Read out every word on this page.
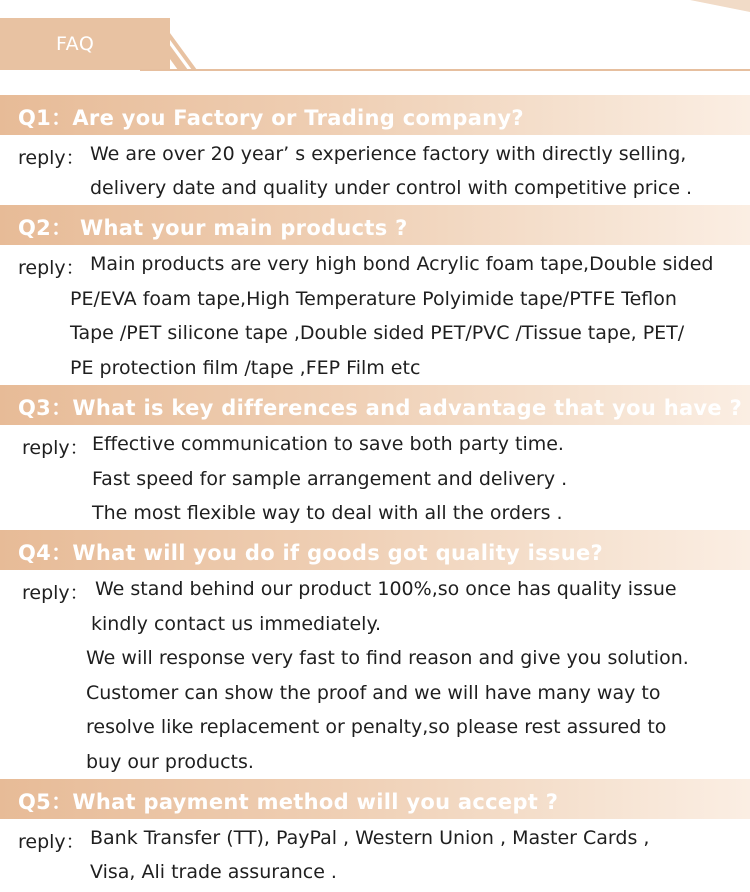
FAQ
Q1：Are you Factory or Trading company?
reply： We are over 20 year’ s experience factory with directly selling,
delivery date and quality under control with competitive price .
Q2： What your main products ?
reply： Main products are very high bond Acrylic foam tape,Double sided
PE/EVA foam tape,High Temperature Polyimide tape/PTFE Teflon
Tape /PET silicone tape ,Double sided PET/PVC /Tissue tape, PET/
PE protection film /tape ,FEP Film etc
Q3：What is key differences and advantage that you have ?
reply： Effective communication to save both party time.
Fast speed for sample arrangement and delivery .
The most flexible way to deal with all the orders .
Q4：What will you do if goods got quality issue?
reply： We stand behind our product 100%,so once has quality issue
kindly contact us immediately.
We will response very fast to find reason and give you solution.
Customer can show the proof and we will have many way to
resolve like replacement or penalty,so please rest assured to
buy our products.
Q5：What payment method will you accept ?
reply： Bank Transfer (TT), PayPal , Western Union , Master Cards ,
Visa, Ali trade assurance .
